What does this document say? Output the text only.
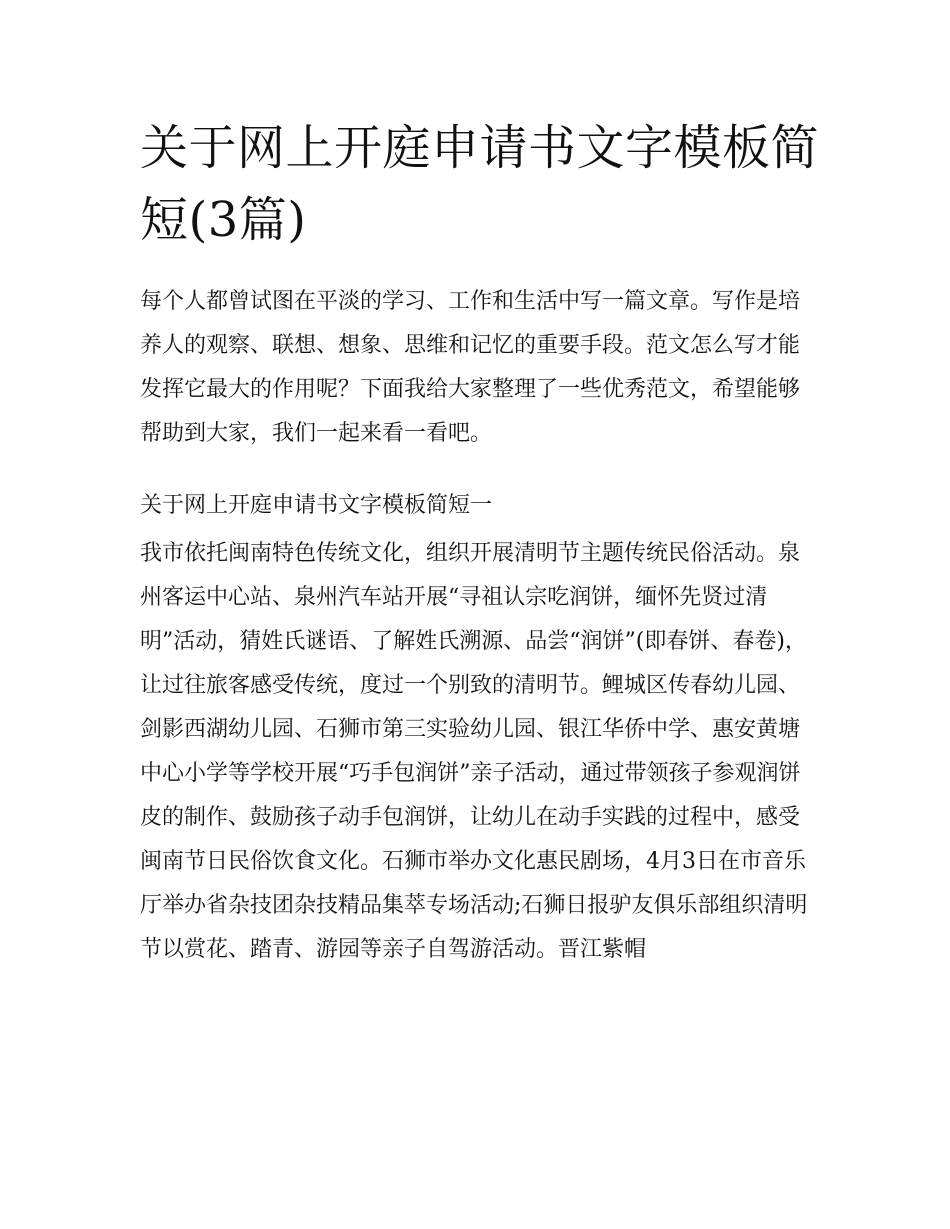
关于网上开庭申请书文字模板简短(3篇)

每个人都曾试图在平淡的学习、工作和生活中写一篇文章。写作是培养人的观察、联想、想象、思维和记忆的重要手段。范文怎么写才能发挥它最大的作用呢？下面我给大家整理了一些优秀范文，希望能够帮助到大家，我们一起来看一看吧。

关于网上开庭申请书文字模板简短一

我市依托闽南特色传统文化，组织开展清明节主题传统民俗活动。泉州客运中心站、泉州汽车站开展“寻祖认宗吃润饼，缅怀先贤过清明”活动，猜姓氏谜语、了解姓氏溯源、品尝“润饼”(即春饼、春卷)，让过往旅客感受传统，度过一个别致的清明节。鲤城区传春幼儿园、剑影西湖幼儿园、石狮市第三实验幼儿园、银江华侨中学、惠安黄塘中心小学等学校开展“巧手包润饼”亲子活动，通过带领孩子参观润饼皮的制作、鼓励孩子动手包润饼，让幼儿在动手实践的过程中，感受闽南节日民俗饮食文化。石狮市举办文化惠民剧场，4月3日在市音乐厅举办省杂技团杂技精品集萃专场活动;石狮日报驴友俱乐部组织清明节以赏花、踏青、游园等亲子自驾游活动。晋江紫帽
